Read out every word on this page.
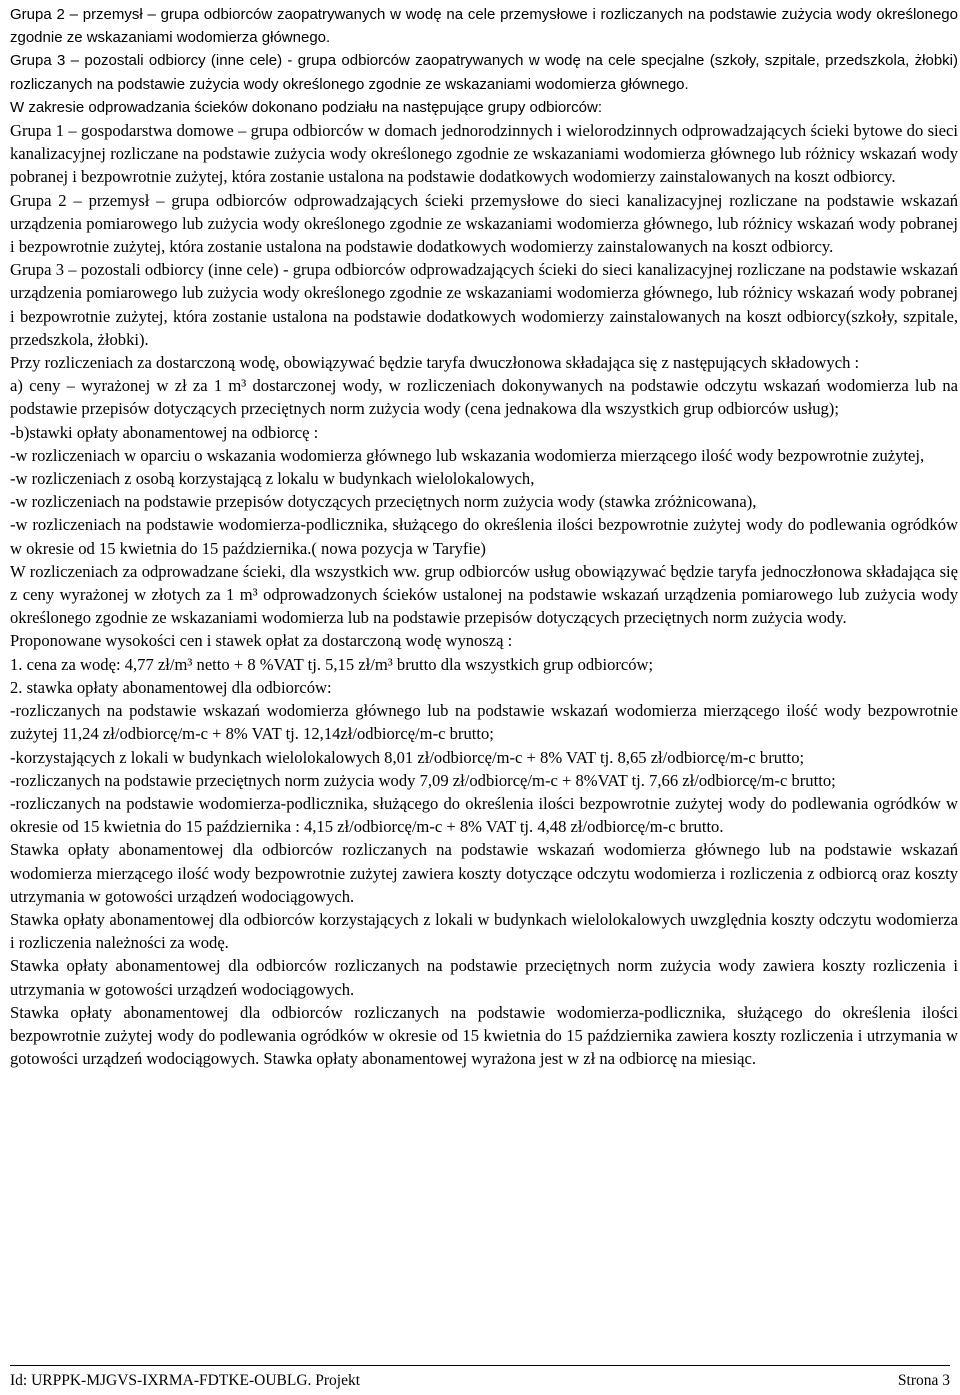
Grupa 2 – przemysł – grupa odbiorców zaopatrywanych w wodę na cele przemysłowe i rozliczanych na podstawie zużycia wody określonego zgodnie ze wskazaniami wodomierza głównego.

Grupa 3 – pozostali odbiorcy (inne cele) - grupa odbiorców zaopatrywanych w wodę na cele specjalne (szkoły, szpitale, przedszkola, żłobki) rozliczanych na podstawie zużycia wody określonego zgodnie ze wskazaniami wodomierza głównego.

W zakresie odprowadzania ścieków dokonano podziału na następujące grupy odbiorców:

Grupa 1 – gospodarstwa domowe – grupa odbiorców w domach jednorodzinnych i wielorodzinnych odprowadzających ścieki bytowe do sieci kanalizacyjnej rozliczane na podstawie zużycia wody określonego zgodnie ze wskazaniami wodomierza głównego lub różnicy wskazań wody pobranej i bezpowrotnie zużytej, która zostanie ustalona na podstawie dodatkowych wodomierzy zainstalowanych na koszt odbiorcy.

Grupa 2 – przemysł – grupa odbiorców odprowadzających ścieki przemysłowe do sieci kanalizacyjnej rozliczane na podstawie wskazań urządzenia pomiarowego lub zużycia wody określonego zgodnie ze wskazaniami wodomierza głównego, lub różnicy wskazań wody pobranej i bezpowrotnie zużytej, która zostanie ustalona na podstawie dodatkowych wodomierzy zainstalowanych na koszt odbiorcy.

Grupa 3 – pozostali odbiorcy (inne cele) - grupa odbiorców odprowadzających ścieki do sieci kanalizacyjnej rozliczane na podstawie wskazań urządzenia pomiarowego lub zużycia wody określonego zgodnie ze wskazaniami wodomierza głównego, lub różnicy wskazań wody pobranej i bezpowrotnie zużytej, która zostanie ustalona na podstawie dodatkowych wodomierzy zainstalowanych na koszt odbiorcy(szkoły, szpitale, przedszkola, żłobki).

Przy rozliczeniach za dostarczoną wodę, obowiązywać będzie taryfa dwuczłonowa składająca się z następujących składowych :

a) ceny – wyrażonej w zł za 1 m³ dostarczonej wody, w rozliczeniach dokonywanych na podstawie odczytu wskazań wodomierza lub na podstawie przepisów dotyczących przeciętnych norm zużycia wody (cena jednakowa dla wszystkich grup odbiorców usług);

-b)stawki opłaty abonamentowej na odbiorcę :

-w rozliczeniach w oparciu o wskazania wodomierza głównego lub wskazania wodomierza mierzącego ilość wody bezpowrotnie zużytej,

-w rozliczeniach z osobą korzystającą z lokalu w budynkach wielolokalowych,

-w rozliczeniach na podstawie przepisów dotyczących przeciętnych norm zużycia wody (stawka zróżnicowana),

-w rozliczeniach na podstawie wodomierza-podlicznika, służącego do określenia ilości bezpowrotnie zużytej wody do podlewania ogródków w okresie od 15 kwietnia do 15 października.( nowa pozycja w Taryfie)

W rozliczeniach za odprowadzane ścieki, dla wszystkich ww. grup odbiorców usług obowiązywać będzie taryfa jednoczłonowa składająca się z ceny wyrażonej w złotych za 1 m³ odprowadzonych ścieków ustalonej na podstawie wskazań urządzenia pomiarowego lub zużycia wody określonego zgodnie ze wskazaniami wodomierza lub na podstawie przepisów dotyczących przeciętnych norm zużycia wody.

Proponowane wysokości cen i stawek opłat za dostarczoną wodę wynoszą :

1. cena za wodę: 4,77 zł/m³ netto + 8 %VAT tj. 5,15 zł/m³ brutto dla wszystkich grup odbiorców;

2. stawka opłaty abonamentowej dla odbiorców:

-rozliczanych na podstawie wskazań wodomierza głównego lub na podstawie wskazań wodomierza mierzącego ilość wody bezpowrotnie zużytej 11,24 zł/odbiorcę/m-c + 8% VAT tj. 12,14zł/odbiorcę/m-c brutto;

-korzystających z lokali w budynkach wielolokalowych 8,01 zł/odbiorcę/m-c + 8% VAT tj. 8,65 zł/odbiorcę/m-c brutto;

-rozliczanych na podstawie przeciętnych norm zużycia wody 7,09 zł/odbiorcę/m-c + 8%VAT tj. 7,66 zł/odbiorcę/m-c brutto;

-rozliczanych na podstawie wodomierza-podlicznika, służącego do określenia ilości bezpowrotnie zużytej wody do podlewania ogródków w okresie od 15 kwietnia do 15 października : 4,15 zł/odbiorcę/m-c + 8% VAT tj. 4,48 zł/odbiorcę/m-c brutto.

Stawka opłaty abonamentowej dla odbiorców rozliczanych na podstawie wskazań wodomierza głównego lub na podstawie wskazań wodomierza mierzącego ilość wody bezpowrotnie zużytej zawiera koszty dotyczące odczytu wodomierza i rozliczenia z odbiorcą oraz koszty utrzymania w gotowości urządzeń wodociągowych.

Stawka opłaty abonamentowej dla odbiorców korzystających z lokali w budynkach wielolokalowych uwzględnia koszty odczytu wodomierza i rozliczenia należności za wodę.

Stawka opłaty abonamentowej dla odbiorców rozliczanych na podstawie przeciętnych norm zużycia wody zawiera koszty rozliczenia i utrzymania w gotowości urządzeń wodociągowych.

Stawka opłaty abonamentowej dla odbiorców rozliczanych na podstawie wodomierza-podlicznika, służącego do określenia ilości bezpowrotnie zużytej wody do podlewania ogródków w okresie od 15 kwietnia do 15 października zawiera koszty rozliczenia i utrzymania w gotowości urządzeń wodociągowych. Stawka opłaty abonamentowej wyrażona jest w zł na odbiorcę na miesiąc.

Id: URPPK-MJGVS-IXRMA-FDTKE-OUBLG. Projekt	Strona 3
